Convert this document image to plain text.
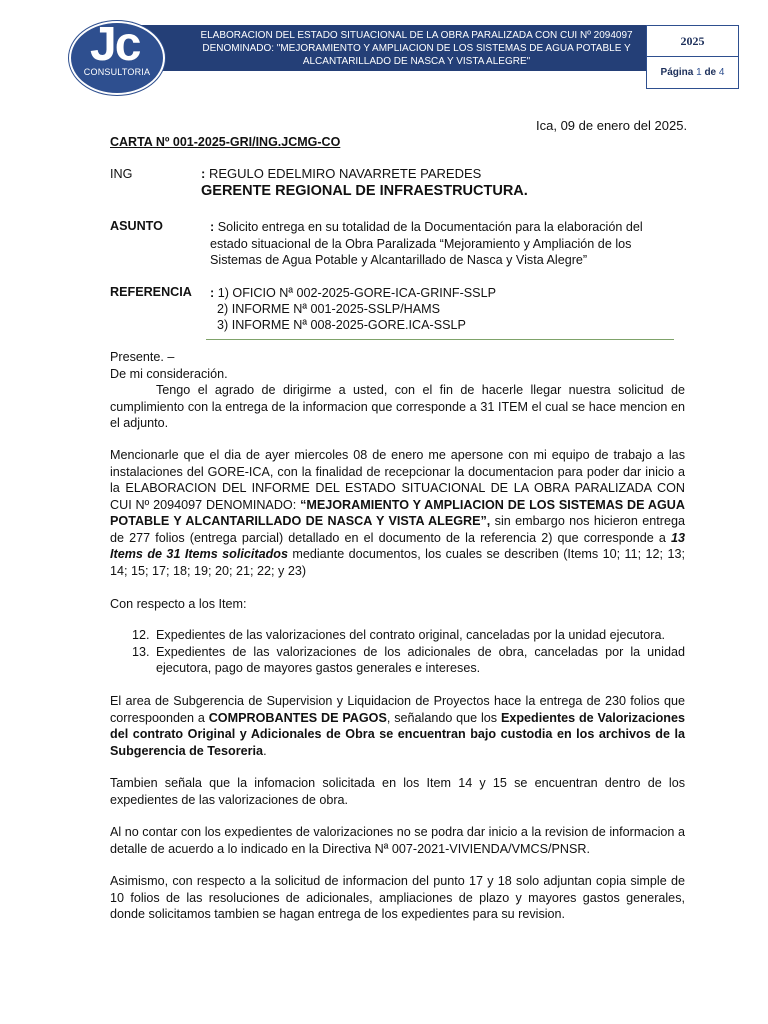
Jc
CONSULTORIA
ELABORACION DEL ESTADO SITUACIONAL DE LA OBRA PARALIZADA CON CUI Nº 2094097
DENOMINADO: "MEJORAMIENTO Y AMPLIACION DE LOS SISTEMAS DE AGUA POTABLE Y
ALCANTARILLADO DE NASCA Y VISTA ALEGRE"
2025
Página 1 de 4
Ica, 09 de enero del 2025.
CARTA Nº 001-2025-GRI/ING.JCMG-CO
ING	: REGULO EDELMIRO NAVARRETE PAREDES
GERENTE REGIONAL DE INFRAESTRUCTURA.
ASUNTO	: Solicito entrega en su totalidad de la Documentación para la elaboración del
estado situacional de la Obra Paralizada “Mejoramiento y Ampliación de los
Sistemas de Agua Potable y Alcantarillado de Nasca y Vista Alegre”
REFERENCIA : 1) OFICIO Nª 002-2025-GORE-ICA-GRINF-SSLP
2) INFORME Nª 001-2025-SSLP/HAMS
3) INFORME Nª 008-2025-GORE.ICA-SSLP
Presente. –
De mi consideración.
Tengo el agrado de dirigirme a usted, con el fin de hacerle llegar nuestra solicitud de cumplimiento con la entrega de la informacion que corresponde a 31 ITEM el cual se hace mencion en el adjunto.
Mencionarle que el dia de ayer miercoles 08 de enero me apersone con mi equipo de trabajo a las instalaciones del GORE-ICA, con la finalidad de recepcionar la documentacion para poder dar inicio a la ELABORACION DEL INFORME DEL ESTADO SITUACIONAL DE LA OBRA PARALIZADA CON CUI Nº 2094097 DENOMINADO: “MEJORAMIENTO Y AMPLIACION DE LOS SISTEMAS DE AGUA POTABLE Y ALCANTARILLADO DE NASCA Y VISTA ALEGRE”, sin embargo nos hicieron entrega de 277 folios (entrega parcial) detallado en el documento de la referencia 2) que corresponde a 13 Items de 31 Items solicitados mediante documentos, los cuales se describen (Items 10; 11; 12; 13; 14; 15; 17; 18; 19; 20; 21; 22; y 23)
Con respecto a los Item:
12. Expedientes de las valorizaciones del contrato original, canceladas por la unidad ejecutora.
13. Expedientes de las valorizaciones de los adicionales de obra, canceladas por la unidad ejecutora, pago de mayores gastos generales e intereses.
El area de Subgerencia de Supervision y Liquidacion de Proyectos hace la entrega de 230 folios que correspoonden a COMPROBANTES DE PAGOS, señalando que los Expedientes de Valorizaciones del contrato Original y Adicionales de Obra se encuentran bajo custodia en los archivos de la Subgerencia de Tesoreria.
Tambien señala que la infomacion solicitada en los Item 14 y 15 se encuentran dentro de los expedientes de las valorizaciones de obra.
Al no contar con los expedientes de valorizaciones no se podra dar inicio a la revision de informacion a detalle de acuerdo a lo indicado en la Directiva Nª 007-2021-VIVIENDA/VMCS/PNSR.
Asimismo, con respecto a la solicitud de informacion del punto 17 y 18 solo adjuntan copia simple de 10 folios de las resoluciones de adicionales, ampliaciones de plazo y mayores gastos generales, donde solicitamos tambien se hagan entrega de los expedientes para su revision.
